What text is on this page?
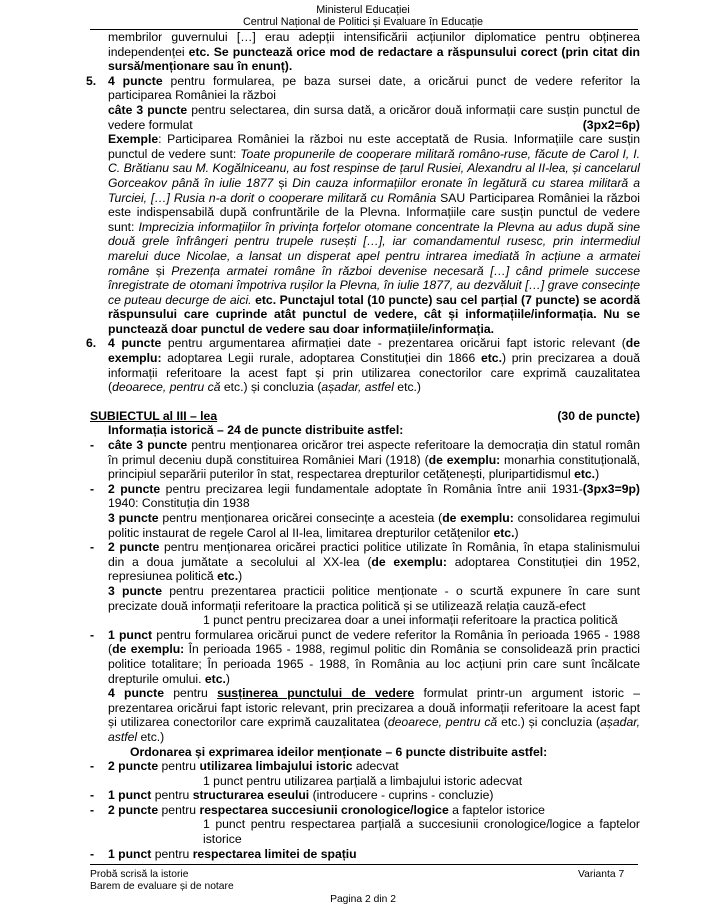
Ministerul Educației
Centrul Național de Politici și Evaluare în Educație
membrilor guvernului […] erau adepții intensificării acțiunilor diplomatice pentru obținerea independenței etc. Se punctează orice mod de redactare a răspunsului corect (prin citat din sursă/menționare sau în enunț).
5. 4 puncte pentru formularea, pe baza sursei date, a oricărui punct de vedere referitor la participarea României la război
câte 3 puncte pentru selectarea, din sursa dată, a oricăror două informații care susțin punctul de vedere formulat	(3px2=6p)
Exemple: Participarea României la război nu este acceptată de Rusia. Informațiile care susțin punctul de vedere sunt: Toate propunerile de cooperare militară româno-ruse, făcute de Carol I, I. C. Brătianu sau M. Kogălniceanu, au fost respinse de țarul Rusiei, Alexandru al II-lea, și cancelarul Gorceakov până în iulie 1877 și Din cauza informațiilor eronate în legătură cu starea militară a Turciei, […] Rusia n-a dorit o cooperare militară cu România SAU Participarea României la război este indispensabilă după confruntările de la Plevna. Informațiile care susțin punctul de vedere sunt: Imprecizia informațiilor în privința forțelor otomane concentrate la Plevna au adus după sine două grele înfrângeri pentru trupele rusești […], iar comandamentul rusesc, prin intermediul marelui duce Nicolae, a lansat un disperat apel pentru intrarea imediată în acțiune a armatei române și Prezența armatei române în război devenise necesară […] când primele succese înregistrate de otomani împotriva rușilor la Plevna, în iulie 1877, au dezvăluit […] grave consecințe ce puteau decurge de aici. etc. Punctajul total (10 puncte) sau cel parțial (7 puncte) se acordă răspunsului care cuprinde atât punctul de vedere, cât și informațiile/informația. Nu se punctează doar punctul de vedere sau doar informațiile/informația.
6. 4 puncte pentru argumentarea afirmației date - prezentarea oricărui fapt istoric relevant (de exemplu: adoptarea Legii rurale, adoptarea Constituției din 1866 etc.) prin precizarea a două informații referitoare la acest fapt și prin utilizarea conectorilor care exprimă cauzalitatea (deoarece, pentru că etc.) și concluzia (așadar, astfel etc.)
SUBIECTUL al III – lea	(30 de puncte)
Informația istorică – 24 de puncte distribuite astfel:
- câte 3 puncte pentru menționarea oricăror trei aspecte referitoare la democrația din statul român în primul deceniu după constituirea României Mari (1918) (de exemplu: monarhia constituțională, principiul separării puterilor în stat, respectarea drepturilor cetățenești, pluripartidismul etc.)
(3px3=9p)
- 2 puncte pentru precizarea legii fundamentale adoptate în România între anii 1931-1940: Constituția din 1938
3 puncte pentru menționarea oricărei consecințe a acesteia (de exemplu: consolidarea regimului politic instaurat de regele Carol al II-lea, limitarea drepturilor cetățenilor etc.)
- 2 puncte pentru menționarea oricărei practici politice utilizate în România, în etapa stalinismului din a doua jumătate a secolului al XX-lea (de exemplu: adoptarea Constituției din 1952, represiunea politică etc.)
3 puncte pentru prezentarea practicii politice menționate - o scurtă expunere în care sunt precizate două informații referitoare la practica politică și se utilizează relația cauză-efect
1 punct pentru precizarea doar a unei informații referitoare la practica politică
- 1 punct pentru formularea oricărui punct de vedere referitor la România în perioada 1965 - 1988 (de exemplu: În perioada 1965 - 1988, regimul politic din România se consolidează prin practici politice totalitare; În perioada 1965 - 1988, în România au loc acțiuni prin care sunt încălcate drepturile omului. etc.)
4 puncte pentru susținerea punctului de vedere formulat printr-un argument istoric – prezentarea oricărui fapt istoric relevant, prin precizarea a două informații referitoare la acest fapt și utilizarea conectorilor care exprimă cauzalitatea (deoarece, pentru că etc.) și concluzia (așadar, astfel etc.)
Ordonarea și exprimarea ideilor menționate – 6 puncte distribuite astfel:
- 2 puncte pentru utilizarea limbajului istoric adecvat
1 punct pentru utilizarea parțială a limbajului istoric adecvat
- 1 punct pentru structurarea eseului (introducere - cuprins - concluzie)
- 2 puncte pentru respectarea succesiunii cronologice/logice a faptelor istorice
1 punct pentru respectarea parțială a succesiunii cronologice/logice a faptelor istorice
- 1 punct pentru respectarea limitei de spațiu
Probă scrisă la istorie
Barem de evaluare și de notare
Varianta 7
Pagina 2 din 2
